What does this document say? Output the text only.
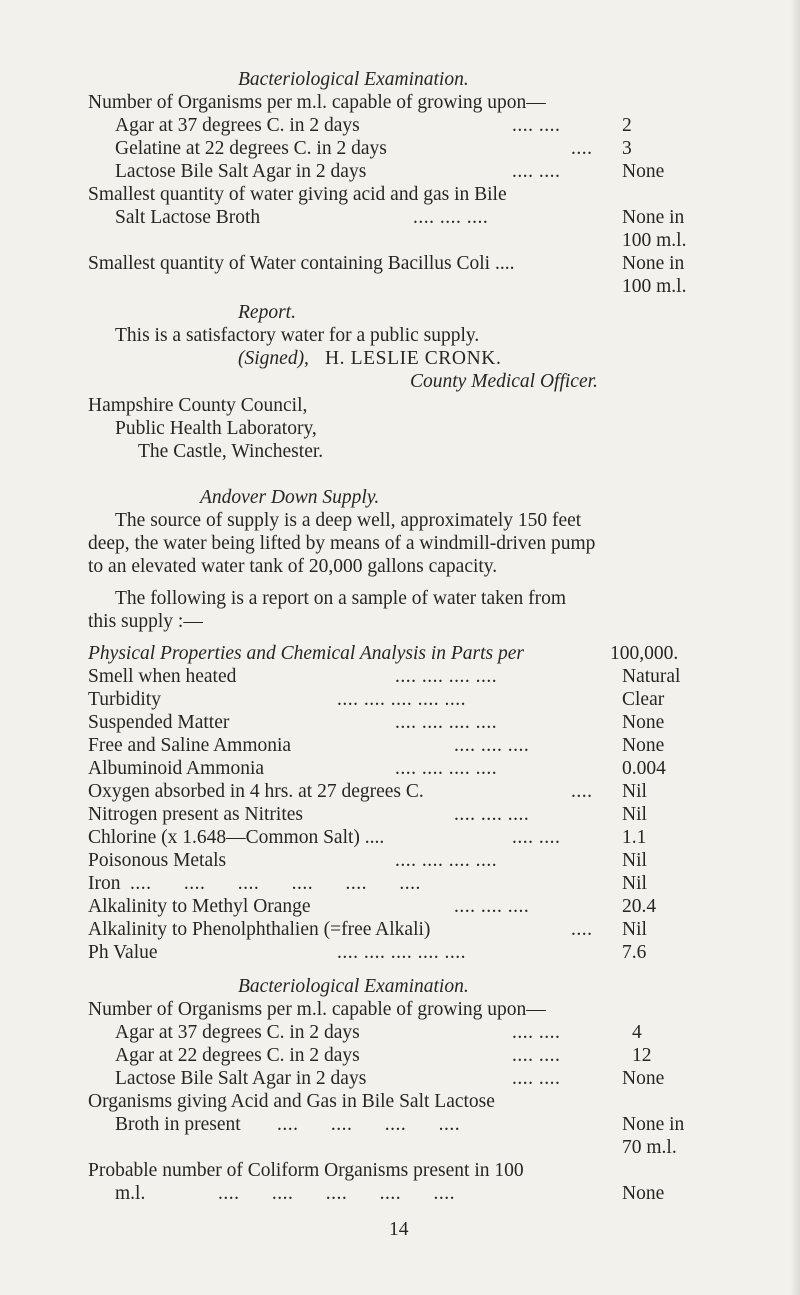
Bacteriological Examination.
Number of Organisms per m.l. capable of growing upon—
Agar at 37 degrees C. in 2 days	.... ....	2
Gelatine at 22 degrees C. in 2 days	.... 3
Lactose Bile Salt Agar in 2 days	.... ....	None
Smallest quantity of water giving acid and gas in Bile
Salt Lactose Broth	.... .... ....	None in
100 m.l.
Smallest quantity of Water containing Bacillus Coli ....	None in
100 m.l.
Report.
This is a satisfactory water for a public supply.
(Signed), H. LESLIE CRONK.
County Medical Officer.
Hampshire County Council,
Public Health Laboratory,
The Castle, Winchester.
Andover Down Supply.
The source of supply is a deep well, approximately 150 feet
deep, the water being lifted by means of a windmill-driven pump
to an elevated water tank of 20,000 gallons capacity.
The following is a report on a sample of water taken from
this supply :—
Physical Properties and Chemical Analysis in Parts per	100,000.
Smell when heated	.... .... .... ....	Natural
Turbidity	.... .... .... .... ....	Clear
Suspended Matter	.... .... .... ....	None
Free and Saline Ammonia	.... .... ....	None
Albuminoid Ammonia	.... .... .... ....	0.004
Oxygen absorbed in 4 hrs. at 27 degrees C.	.... Nil
Nitrogen present as Nitrites	.... .... ....	Nil
Chlorine (x 1.648—Common Salt) ....	.... ....	1.1
Poisonous Metals	.... .... .... ....	Nil
Iron .... .... .... .... .... ....	Nil
Alkalinity to Methyl Orange	.... .... ....	20.4
Alkalinity to Phenolphthalien (=free Alkali)	.... Nil
Ph Value	.... .... .... .... ....	7.6
Bacteriological Examination.
Number of Organisms per m.l. capable of growing upon—
Agar at 37 degrees C. in 2 days	.... ....	4
Agar at 22 degrees C. in 2 days	.... ....	12
Lactose Bile Salt Agar in 2 days	.... ....	None
Organisms giving Acid and Gas in Bile Salt Lactose
Broth in present .... .... .... ....	None in
70 m.l.
Probable number of Coliform Organisms present in 100
m.l.	.... .... .... .... ....	None
14
